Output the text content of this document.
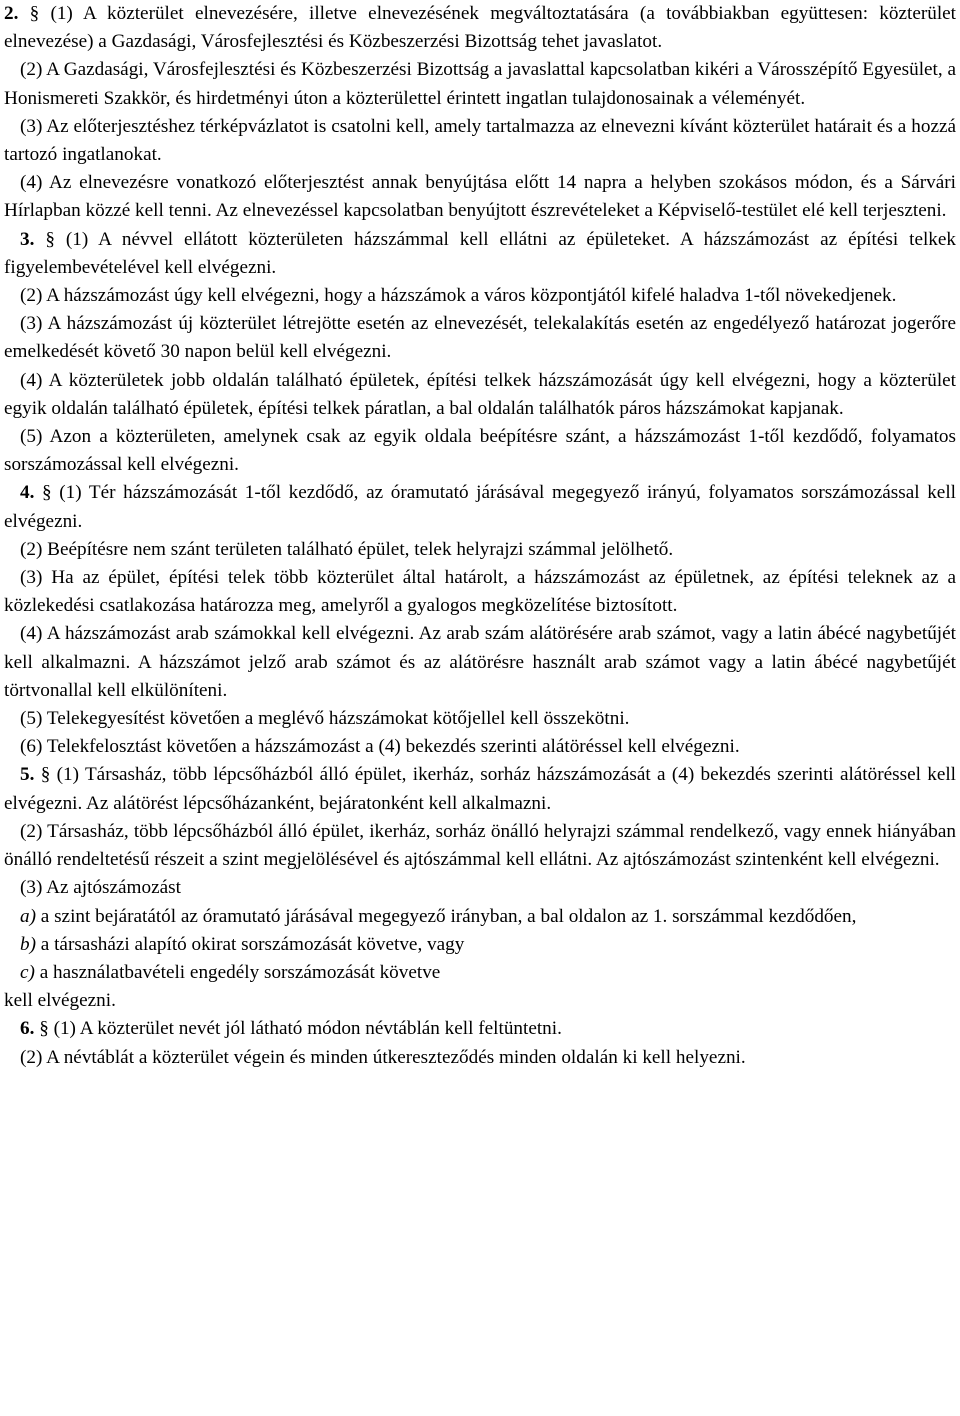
2. § (1) A közterület elnevezésére, illetve elnevezésének megváltoztatására (a továbbiakban együttesen: közterület elnevezése) a Gazdasági, Városfejlesztési és Közbeszerzési Bizottság tehet javaslatot.

(2) A Gazdasági, Városfejlesztési és Közbeszerzési Bizottság a javaslattal kapcsolatban kikéri a Városszépítő Egyesület, a Honismereti Szakkör, és hirdetményi úton a közterülettel érintett ingatlan tulajdonosainak a véleményét.

(3) Az előterjesztéshez térképvázlatot is csatolni kell, amely tartalmazza az elnevezni kívánt közterület határait és a hozzá tartozó ingatlanokat.

(4) Az elnevezésre vonatkozó előterjesztést annak benyújtása előtt 14 napra a helyben szokásos módon, és a Sárvári Hírlapban közzé kell tenni. Az elnevezéssel kapcsolatban benyújtott észrevételeket a Képviselő-testület elé kell terjeszteni.

3. § (1) A névvel ellátott közterületen házszámmal kell ellátni az épületeket. A házszámozást az építési telkek figyelembevételével kell elvégezni.

(2) A házszámozást úgy kell elvégezni, hogy a házszámok a város központjától kifelé haladva 1-től növekedjenek.

(3) A házszámozást új közterület létrejötte esetén az elnevezését, telekalakítás esetén az engedélyező határozat jogerőre emelkedését követő 30 napon belül kell elvégezni.

(4) A közterületek jobb oldalán található épületek, építési telkek házszámozását úgy kell elvégezni, hogy a közterület egyik oldalán található épületek, építési telkek páratlan, a bal oldalán találhatók páros házszámokat kapjanak.

(5) Azon a közterületen, amelynek csak az egyik oldala beépítésre szánt, a házszámozást 1-től kezdődő, folyamatos sorszámozással kell elvégezni.

4. § (1) Tér házszámozását 1-től kezdődő, az óramutató járásával megegyező irányú, folyamatos sorszámozással kell elvégezni.

(2) Beépítésre nem szánt területen található épület, telek helyrajzi számmal jelölhető.

(3) Ha az épület, építési telek több közterület által határolt, a házszámozást az épületnek, az építési teleknek az a közlekedési csatlakozása határozza meg, amelyről a gyalogos megközelítése biztosított.

(4) A házszámozást arab számokkal kell elvégezni. Az arab szám alátörésére arab számot, vagy a latin ábécé nagybetűjét kell alkalmazni. A házszámot jelző arab számot és az alátörésre használt arab számot vagy a latin ábécé nagybetűjét törtvonallal kell elkülöníteni.

(5) Telekegyesítést követően a meglévő házszámokat kötőjellel kell összekötni.

(6) Telekfelosztást követően a házszámozást a (4) bekezdés szerinti alátöréssel kell elvégezni.

5. § (1) Társasház, több lépcsőházból álló épület, ikerház, sorház házszámozását a (4) bekezdés szerinti alátöréssel kell elvégezni. Az alátörést lépcsőházanként, bejáratonként kell alkalmazni.

(2) Társasház, több lépcsőházból álló épület, ikerház, sorház önálló helyrajzi számmal rendelkező, vagy ennek hiányában önálló rendeltetésű részeit a szint megjelölésével és ajtószámmal kell ellátni. Az ajtószámozást szintenként kell elvégezni.

(3) Az ajtószámozást

a) a szint bejáratától az óramutató járásával megegyező irányban, a bal oldalon az 1. sorszámmal kezdődően,

b) a társasházi alapító okirat sorszámozását követve, vagy

c) a használatbavételi engedély sorszámozását követve

kell elvégezni.

6. § (1) A közterület nevét jól látható módon névtáblán kell feltüntetni.

(2) A névtáblát a közterület végein és minden útkereszteződés minden oldalán ki kell helyezni.
